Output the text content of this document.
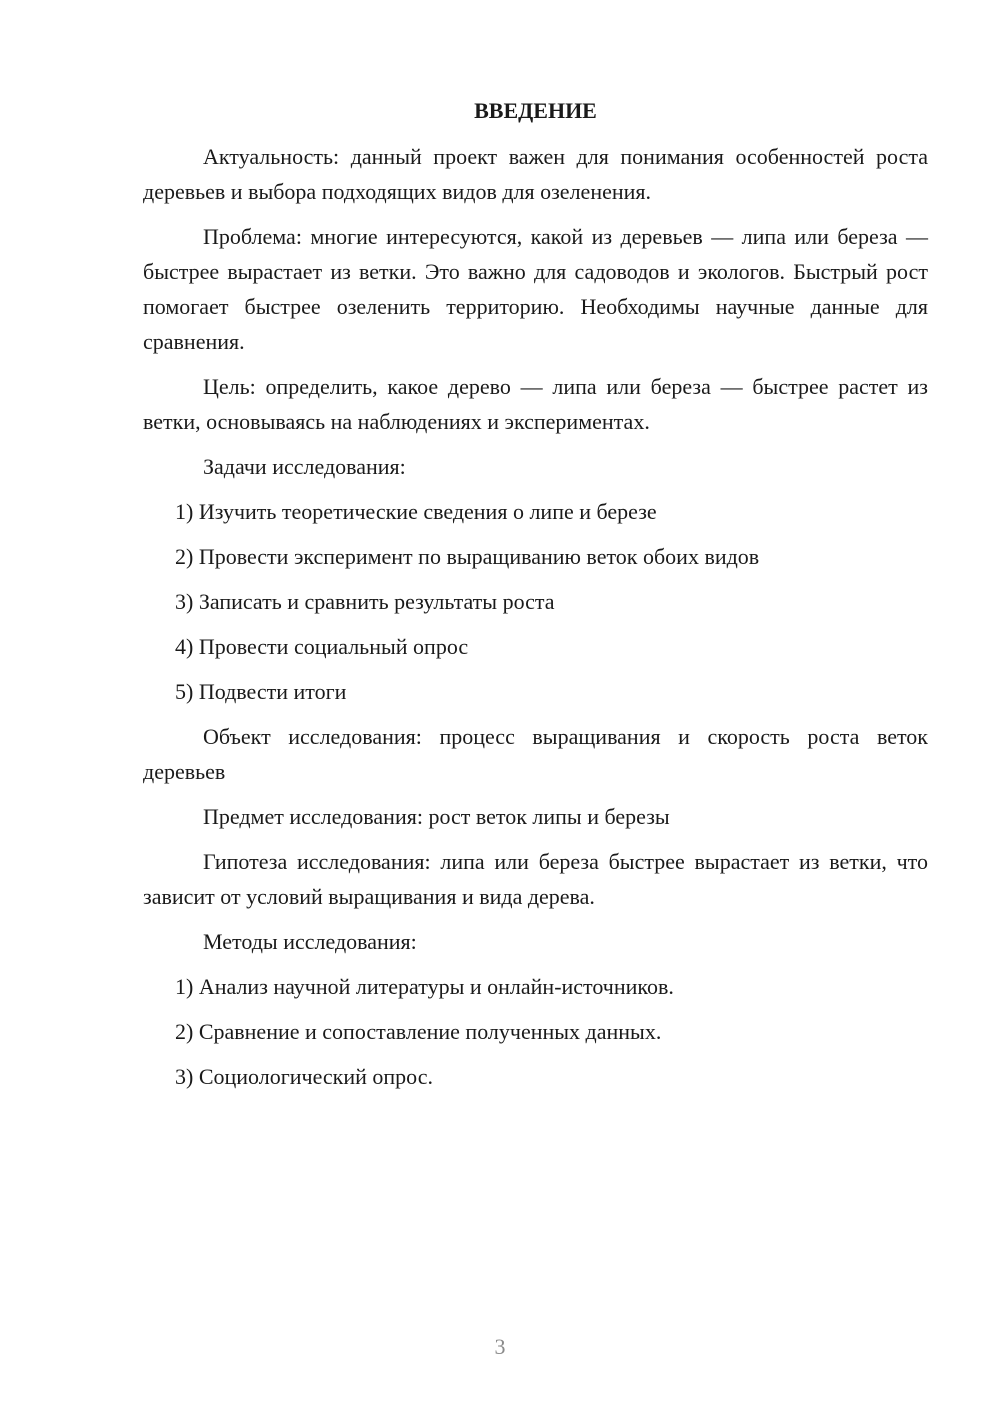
ВВЕДЕНИЕ

Актуальность: данный проект важен для понимания особенностей роста деревьев и выбора подходящих видов для озеленения.

Проблема: многие интересуются, какой из деревьев — липа или береза — быстрее вырастает из ветки. Это важно для садоводов и экологов. Быстрый рост помогает быстрее озеленить территорию. Необходимы научные данные для сравнения.

Цель: определить, какое дерево — липа или береза — быстрее растет из ветки, основываясь на наблюдениях и экспериментах.

Задачи исследования:

1) Изучить теоретические сведения о липе и березе
2) Провести эксперимент по выращиванию веток обоих видов
3) Записать и сравнить результаты роста
4) Провести социальный опрос
5) Подвести итоги

Объект исследования: процесс выращивания и скорость роста веток деревьев

Предмет исследования: рост веток липы и березы

Гипотеза исследования: липа или береза быстрее вырастает из ветки, что зависит от условий выращивания и вида дерева.

Методы исследования:

1) Анализ научной литературы и онлайн-источников.
2) Сравнение и сопоставление полученных данных.
3) Социологический опрос.
3
